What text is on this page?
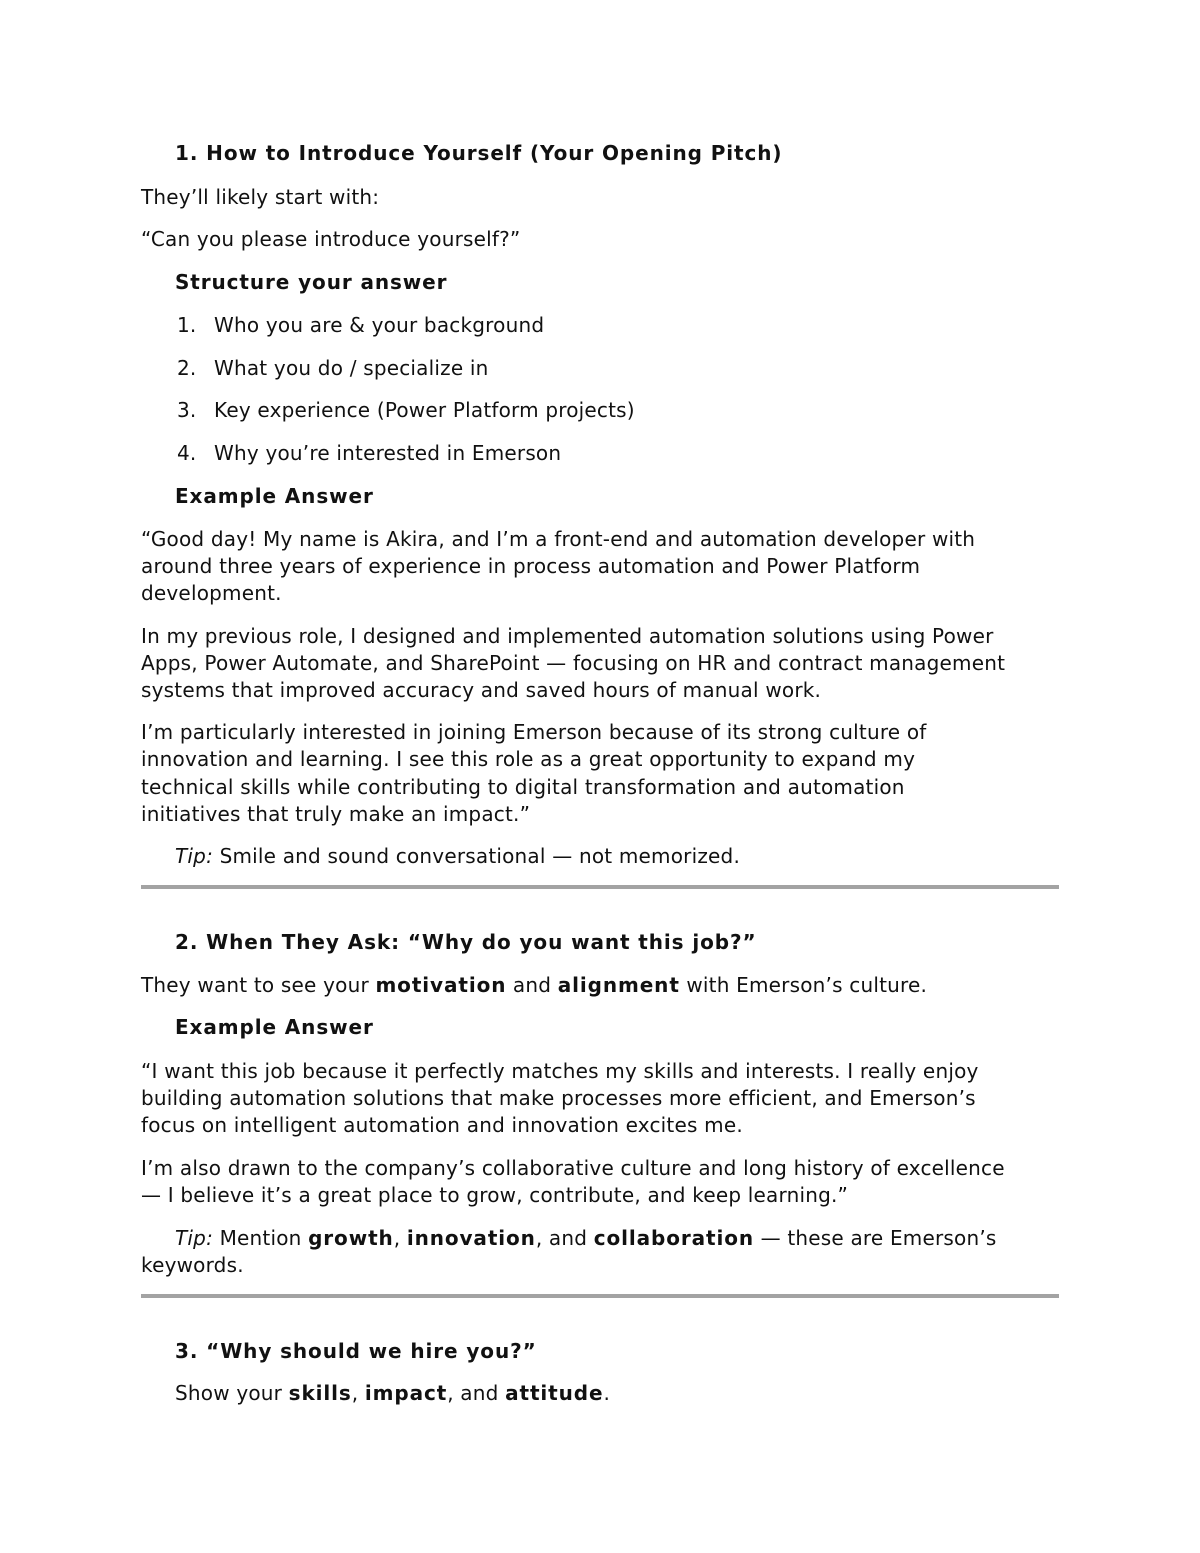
1. How to Introduce Yourself (Your Opening Pitch)
They’ll likely start with:
“Can you please introduce yourself?”
Structure your answer
1. Who you are & your background
2. What you do / specialize in
3. Key experience (Power Platform projects)
4. Why you’re interested in Emerson
Example Answer
“Good day! My name is Akira, and I’m a front-end and automation developer with
around three years of experience in process automation and Power Platform
development.
In my previous role, I designed and implemented automation solutions using Power
Apps, Power Automate, and SharePoint — focusing on HR and contract management
systems that improved accuracy and saved hours of manual work.
I’m particularly interested in joining Emerson because of its strong culture of
innovation and learning. I see this role as a great opportunity to expand my
technical skills while contributing to digital transformation and automation
initiatives that truly make an impact.”
Tip: Smile and sound conversational — not memorized.
2. When They Ask: “Why do you want this job?”
They want to see your motivation and alignment with Emerson’s culture.
Example Answer
“I want this job because it perfectly matches my skills and interests. I really enjoy
building automation solutions that make processes more efficient, and Emerson’s
focus on intelligent automation and innovation excites me.
I’m also drawn to the company’s collaborative culture and long history of excellence
— I believe it’s a great place to grow, contribute, and keep learning.”
Tip: Mention growth, innovation, and collaboration — these are Emerson’s
keywords.
3. “Why should we hire you?”
Show your skills, impact, and attitude.
